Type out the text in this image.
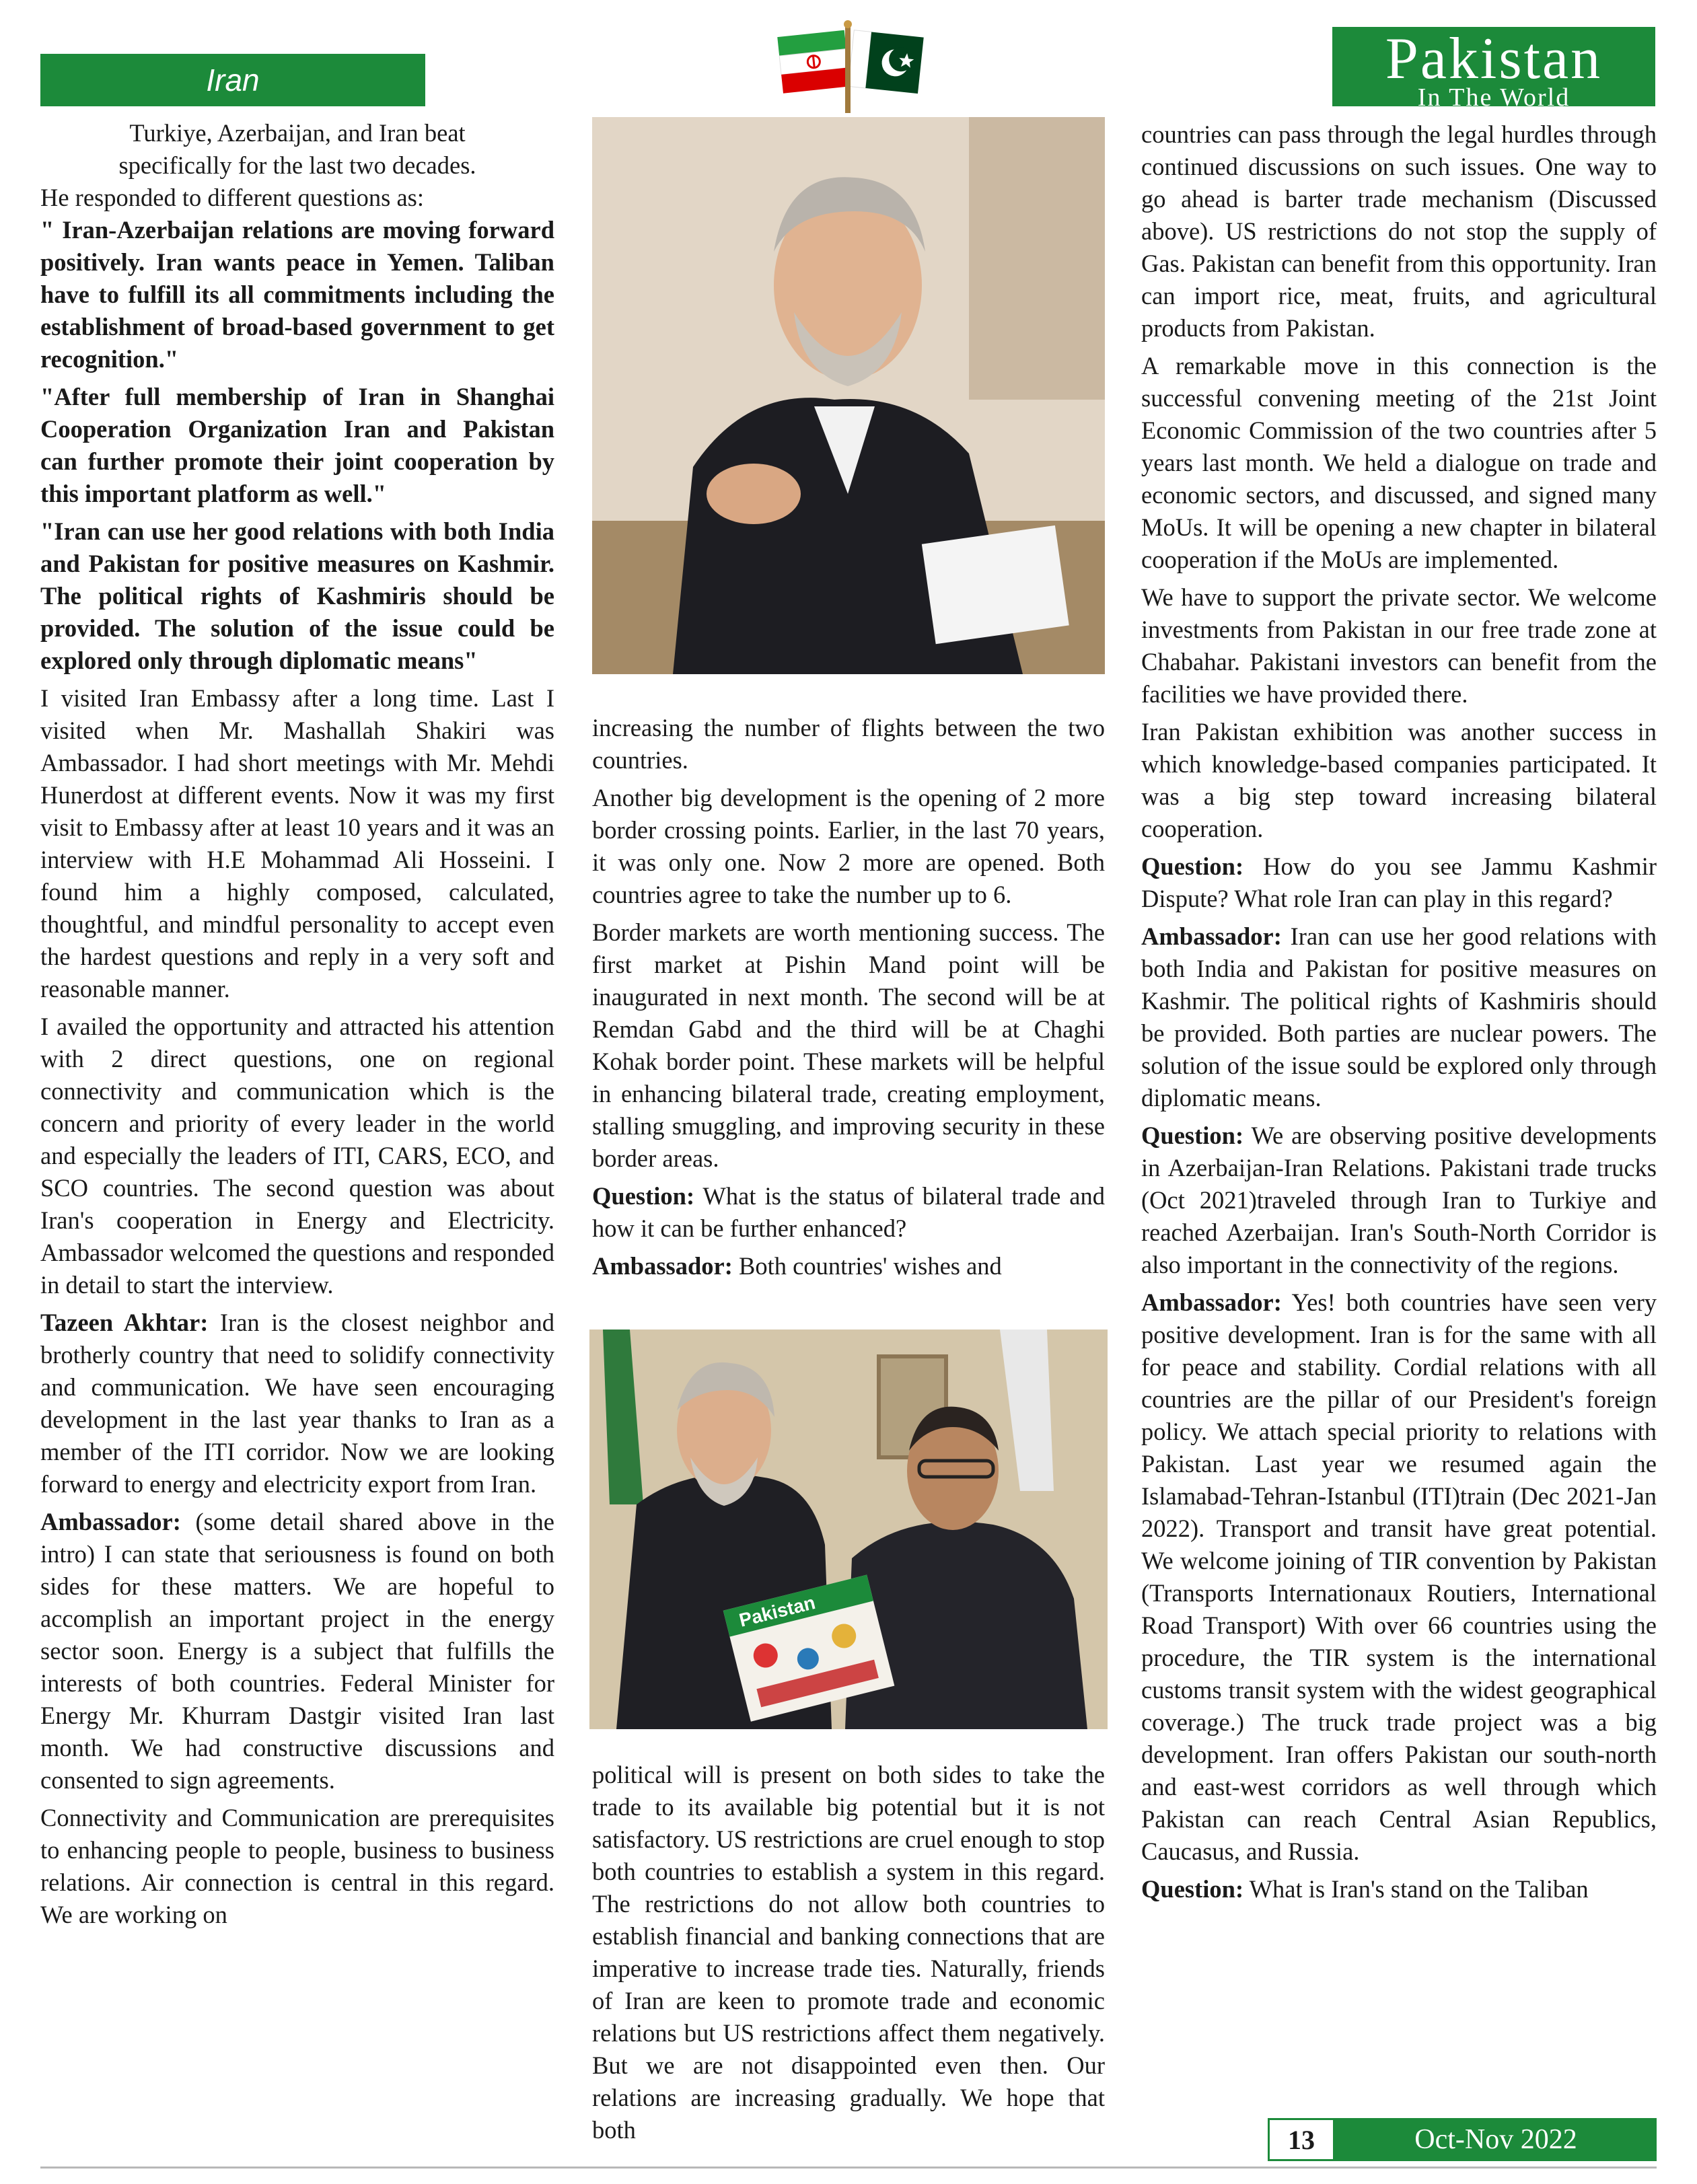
Iran	Pakistan
In The World

Turkiye, Azerbaijan, and Iran beat specifically for the last two decades.

He responded to different questions as:

" Iran-Azerbaijan relations are moving forward positively. Iran wants peace in Yemen. Taliban have to fulfill its all commitments including the establishment of broad-based government to get recognition."

"After full membership of Iran in Shanghai Cooperation Organization Iran and Pakistan can further promote their joint cooperation by this important platform as well."

"Iran can use her good relations with both India and Pakistan for positive measures on Kashmir. The political rights of Kashmiris should be provided. The solution of the issue could be explored only through diplomatic means"

I visited Iran Embassy after a long time. Last I visited when Mr. Mashallah Shakiri was Ambassador. I had short meetings with Mr. Mehdi Hunerdost at different events. Now it was my first visit to Embassy after at least 10 years and it was an interview with H.E Mohammad Ali Hosseini. I found him a highly composed, calculated, thoughtful, and mindful personality to accept even the hardest questions and reply in a very soft and reasonable manner.

I availed the opportunity and attracted his attention with 2 direct questions, one on regional connectivity and communication which is the concern and priority of every leader in the world and especially the leaders of ITI, CARS, ECO, and SCO countries. The second question was about Iran's cooperation in Energy and Electricity. Ambassador welcomed the questions and responded in detail to start the interview.

Tazeen Akhtar: Iran is the closest neighbor and brotherly country that need to solidify connectivity and communication. We have seen encouraging development in the last year thanks to Iran as a member of the ITI corridor. Now we are looking forward to energy and electricity export from Iran.

Ambassador: (some detail shared above in the intro) I can state that seriousness is found on both sides for these matters. We are hopeful to accomplish an important project in the energy sector soon. Energy is a subject that fulfills the interests of both countries. Federal Minister for Energy Mr. Khurram Dastgir visited Iran last month. We had constructive discussions and consented to sign agreements.

Connectivity and Communication are prerequisites to enhancing people to people, business to business relations. Air connection is central in this regard. We are working on

increasing the number of flights between the two countries.

Another big development is the opening of 2 more border crossing points. Earlier, in the last 70 years, it was only one. Now 2 more are opened. Both countries agree to take the number up to 6.

Border markets are worth mentioning success. The first market at Pishin Mand point will be inaugurated in next month. The second will be at Remdan Gabd and the third will be at Chaghi Kohak border point. These markets will be helpful in enhancing bilateral trade, creating employment, stalling smuggling, and improving security in these border areas.

Question: What is the status of bilateral trade and how it can be further enhanced?

Ambassador: Both countries' wishes and

Pakistan

political will is present on both sides to take the trade to its available big potential but it is not satisfactory. US restrictions are cruel enough to stop both countries to establish a system in this regard. The restrictions do not allow both countries to establish financial and banking connections that are imperative to increase trade ties. Naturally, friends of Iran are keen to promote trade and economic relations but US restrictions affect them negatively. But we are not disappointed even then. Our relations are increasing gradually. We hope that both

countries can pass through the legal hurdles through continued discussions on such issues. One way to go ahead is barter trade mechanism (Discussed above). US restrictions do not stop the supply of Gas. Pakistan can benefit from this opportunity. Iran can import rice, meat, fruits, and agricultural products from Pakistan.

A remarkable move in this connection is the successful convening meeting of the 21st Joint Economic Commission of the two countries after 5 years last month. We held a dialogue on trade and economic sectors, and discussed, and signed many MoUs. It will be opening a new chapter in bilateral cooperation if the MoUs are implemented.

We have to support the private sector. We welcome investments from Pakistan in our free trade zone at Chabahar. Pakistani investors can benefit from the facilities we have provided there.

Iran Pakistan exhibition was another success in which knowledge-based companies participated. It was a big step toward increasing bilateral cooperation.

Question: How do you see Jammu Kashmir Dispute? What role Iran can play in this regard?

Ambassador: Iran can use her good relations with both India and Pakistan for positive measures on Kashmir. The political rights of Kashmiris should be provided. Both parties are nuclear powers. The solution of the issue sould be explored only through diplomatic means.

Question: We are observing positive developments in Azerbaijan-Iran Relations. Pakistani trade trucks (Oct 2021)traveled through Iran to Turkiye and reached Azerbaijan. Iran's South-North Corridor is also important in the connectivity of the regions.

Ambassador: Yes! both countries have seen very positive development. Iran is for the same with all for peace and stability. Cordial relations with all countries are the pillar of our President's foreign policy. We attach special priority to relations with Pakistan. Last year we resumed again the Islamabad-Tehran-Istanbul (ITI)train (Dec 2021-Jan 2022). Transport and transit have great potential. We welcome joining of TIR convention by Pakistan (Transports Internationaux Routiers, International Road Transport) With over 66 countries using the procedure, the TIR system is the international customs transit system with the widest geographical coverage.) The truck trade project was a big development. Iran offers Pakistan our south-north and east-west corridors as well through which Pakistan can reach Central Asian Republics, Caucasus, and Russia.

Question: What is Iran's stand on the Taliban

13	Oct-Nov 2022
